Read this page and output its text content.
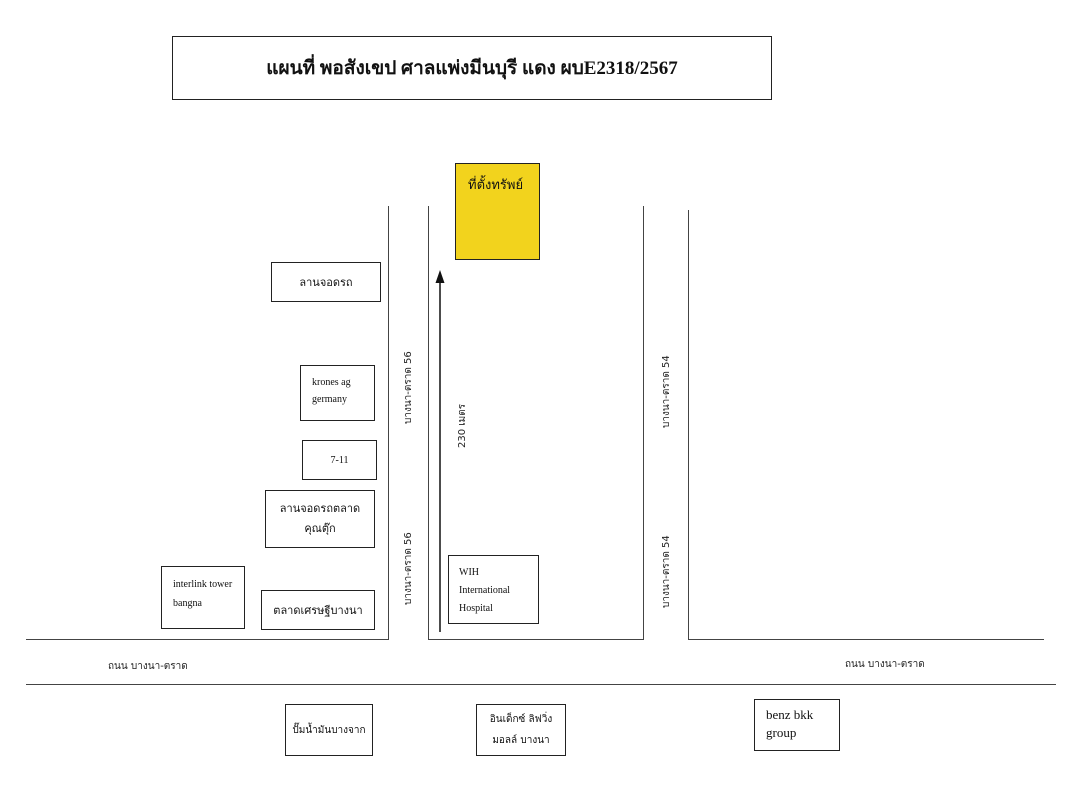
แผนที่ พอสังเขป ศาลแพ่งมีนบุรี แดง ผบE2318/2567
ถนน บางนา-ตราด	ถนน บางนา-ตราด
บางนา-ตราด 56
บางนา-ตราด 56
บางนา-ตราด 54
บางนา-ตราด 54
230 เมตร
ที่ตั้งทรัพย์
ลานจอดรถ
krones ag
germany
7-11
ลานจอดรถตลาด
คุณตุ๊ก
interlink tower
bangna
ตลาดเศรษฐีบางนา
WIH
International
Hospital
ปั๊มน้ำมันบางจาก
อินเด็กซ์ ลิฟวิ่ง
มอลล์ บางนา
benz bkk
group
